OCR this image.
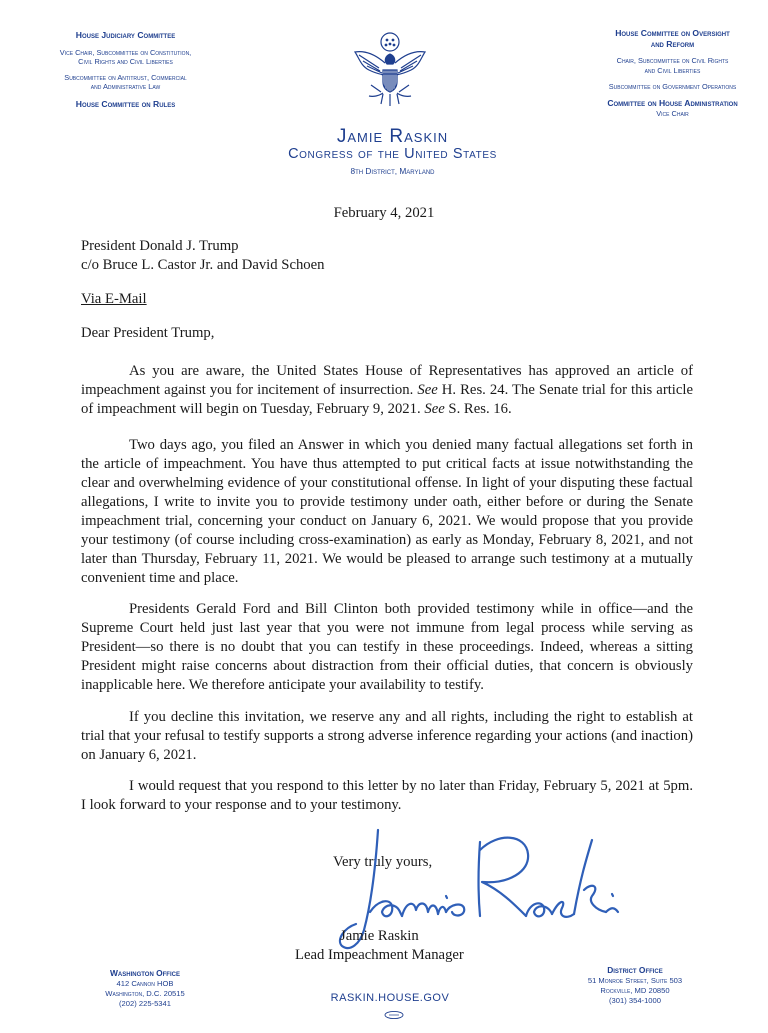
House Judiciary Committee
Vice Chair, Subcommittee on Constitution,
Civil Rights and Civil Liberties
Subcommittee on Antitrust, Commercial
and Administrative Law
House Committee on Rules
Jamie Raskin
Congress of the United States
8th District, Maryland
House Committee on Oversight
and Reform
Chair, Subcommittee on Civil Rights
and Civil Liberties
Subcommittee on Government Operations
Committee on House Administration
Vice Chair
February 4, 2021
President Donald J. Trump
c/o Bruce L. Castor Jr. and David Schoen
Via E-Mail
Dear President Trump,
As you are aware, the United States House of Representatives has approved an article of impeachment against you for incitement of insurrection. See H. Res. 24. The Senate trial for this article of impeachment will begin on Tuesday, February 9, 2021. See S. Res. 16.
Two days ago, you filed an Answer in which you denied many factual allegations set forth in the article of impeachment. You have thus attempted to put critical facts at issue notwithstanding the clear and overwhelming evidence of your constitutional offense. In light of your disputing these factual allegations, I write to invite you to provide testimony under oath, either before or during the Senate impeachment trial, concerning your conduct on January 6, 2021. We would propose that you provide your testimony (of course including cross-examination) as early as Monday, February 8, 2021, and not later than Thursday, February 11, 2021. We would be pleased to arrange such testimony at a mutually convenient time and place.
Presidents Gerald Ford and Bill Clinton both provided testimony while in office—and the Supreme Court held just last year that you were not immune from legal process while serving as President—so there is no doubt that you can testify in these proceedings. Indeed, whereas a sitting President might raise concerns about distraction from their official duties, that concern is obviously inapplicable here. We therefore anticipate your availability to testify.
If you decline this invitation, we reserve any and all rights, including the right to establish at trial that your refusal to testify supports a strong adverse inference regarding your actions (and inaction) on January 6, 2021.
I would request that you respond to this letter by no later than Friday, February 5, 2021 at 5pm. I look forward to your response and to your testimony.
Very truly yours,
Jamie Raskin
Lead Impeachment Manager
Washington Office
412 Cannon HOB
Washington, D.C. 20515
(202) 225-5341	RASKIN.HOUSE.GOV
District Office
51 Monroe Street, Suite 503
Rockville, MD 20850
(301) 354-1000
